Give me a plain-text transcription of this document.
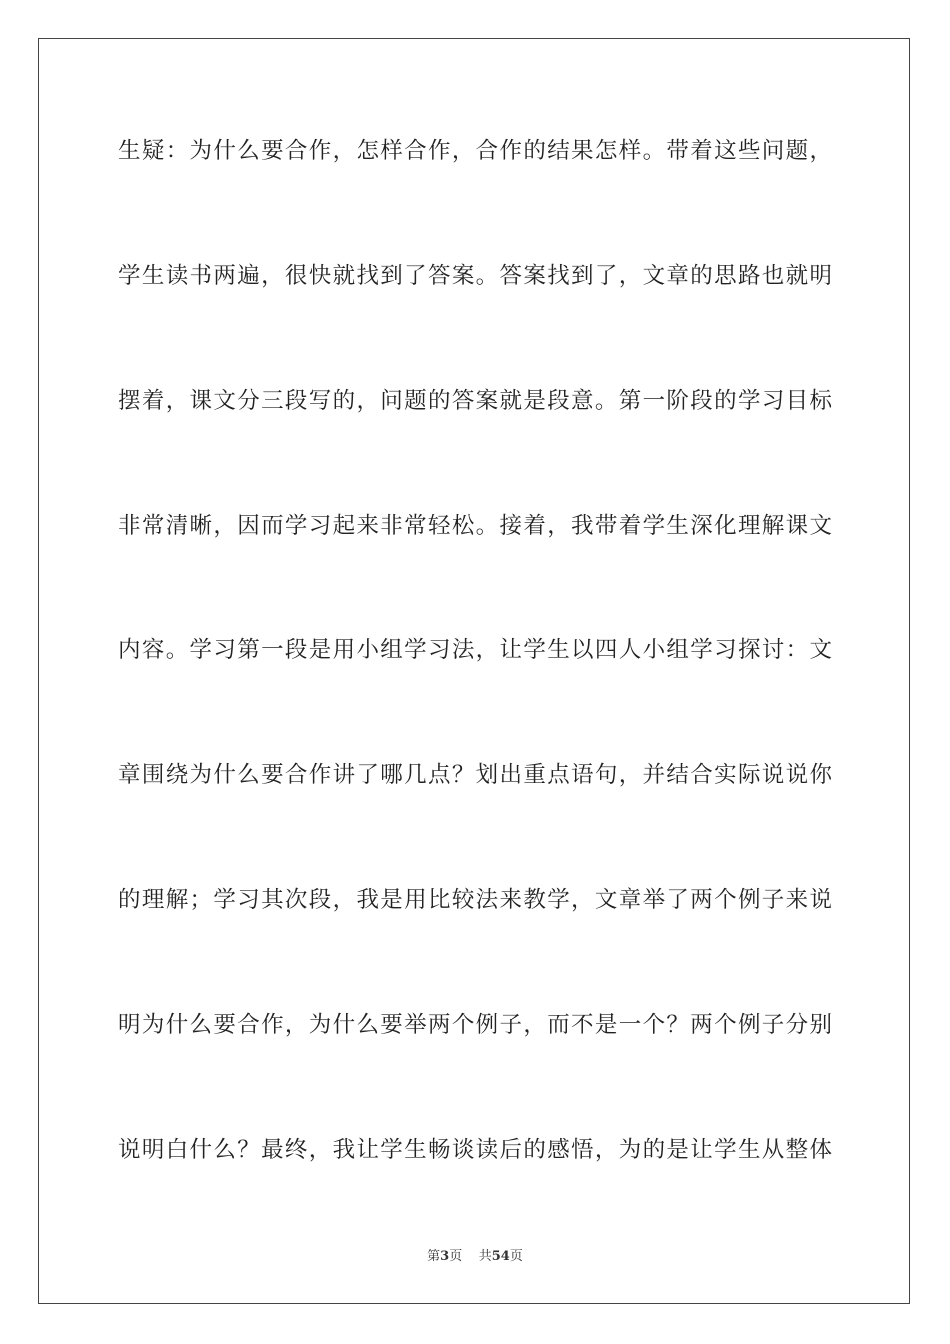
生疑：为什么要合作，怎样合作，合作的结果怎样。带着这些问题，
学生读书两遍，很快就找到了答案。答案找到了，文章的思路也就明
摆着，课文分三段写的，问题的答案就是段意。第一阶段的学习目标
非常清晰，因而学习起来非常轻松。接着，我带着学生深化理解课文
内容。学习第一段是用小组学习法，让学生以四人小组学习探讨：文
章围绕为什么要合作讲了哪几点？划出重点语句，并结合实际说说你
的理解；学习其次段，我是用比较法来教学，文章举了两个例子来说
明为什么要合作，为什么要举两个例子，而不是一个？两个例子分别
说明白什么？最终，我让学生畅谈读后的感悟，为的是让学生从整体
第3页 共54页
